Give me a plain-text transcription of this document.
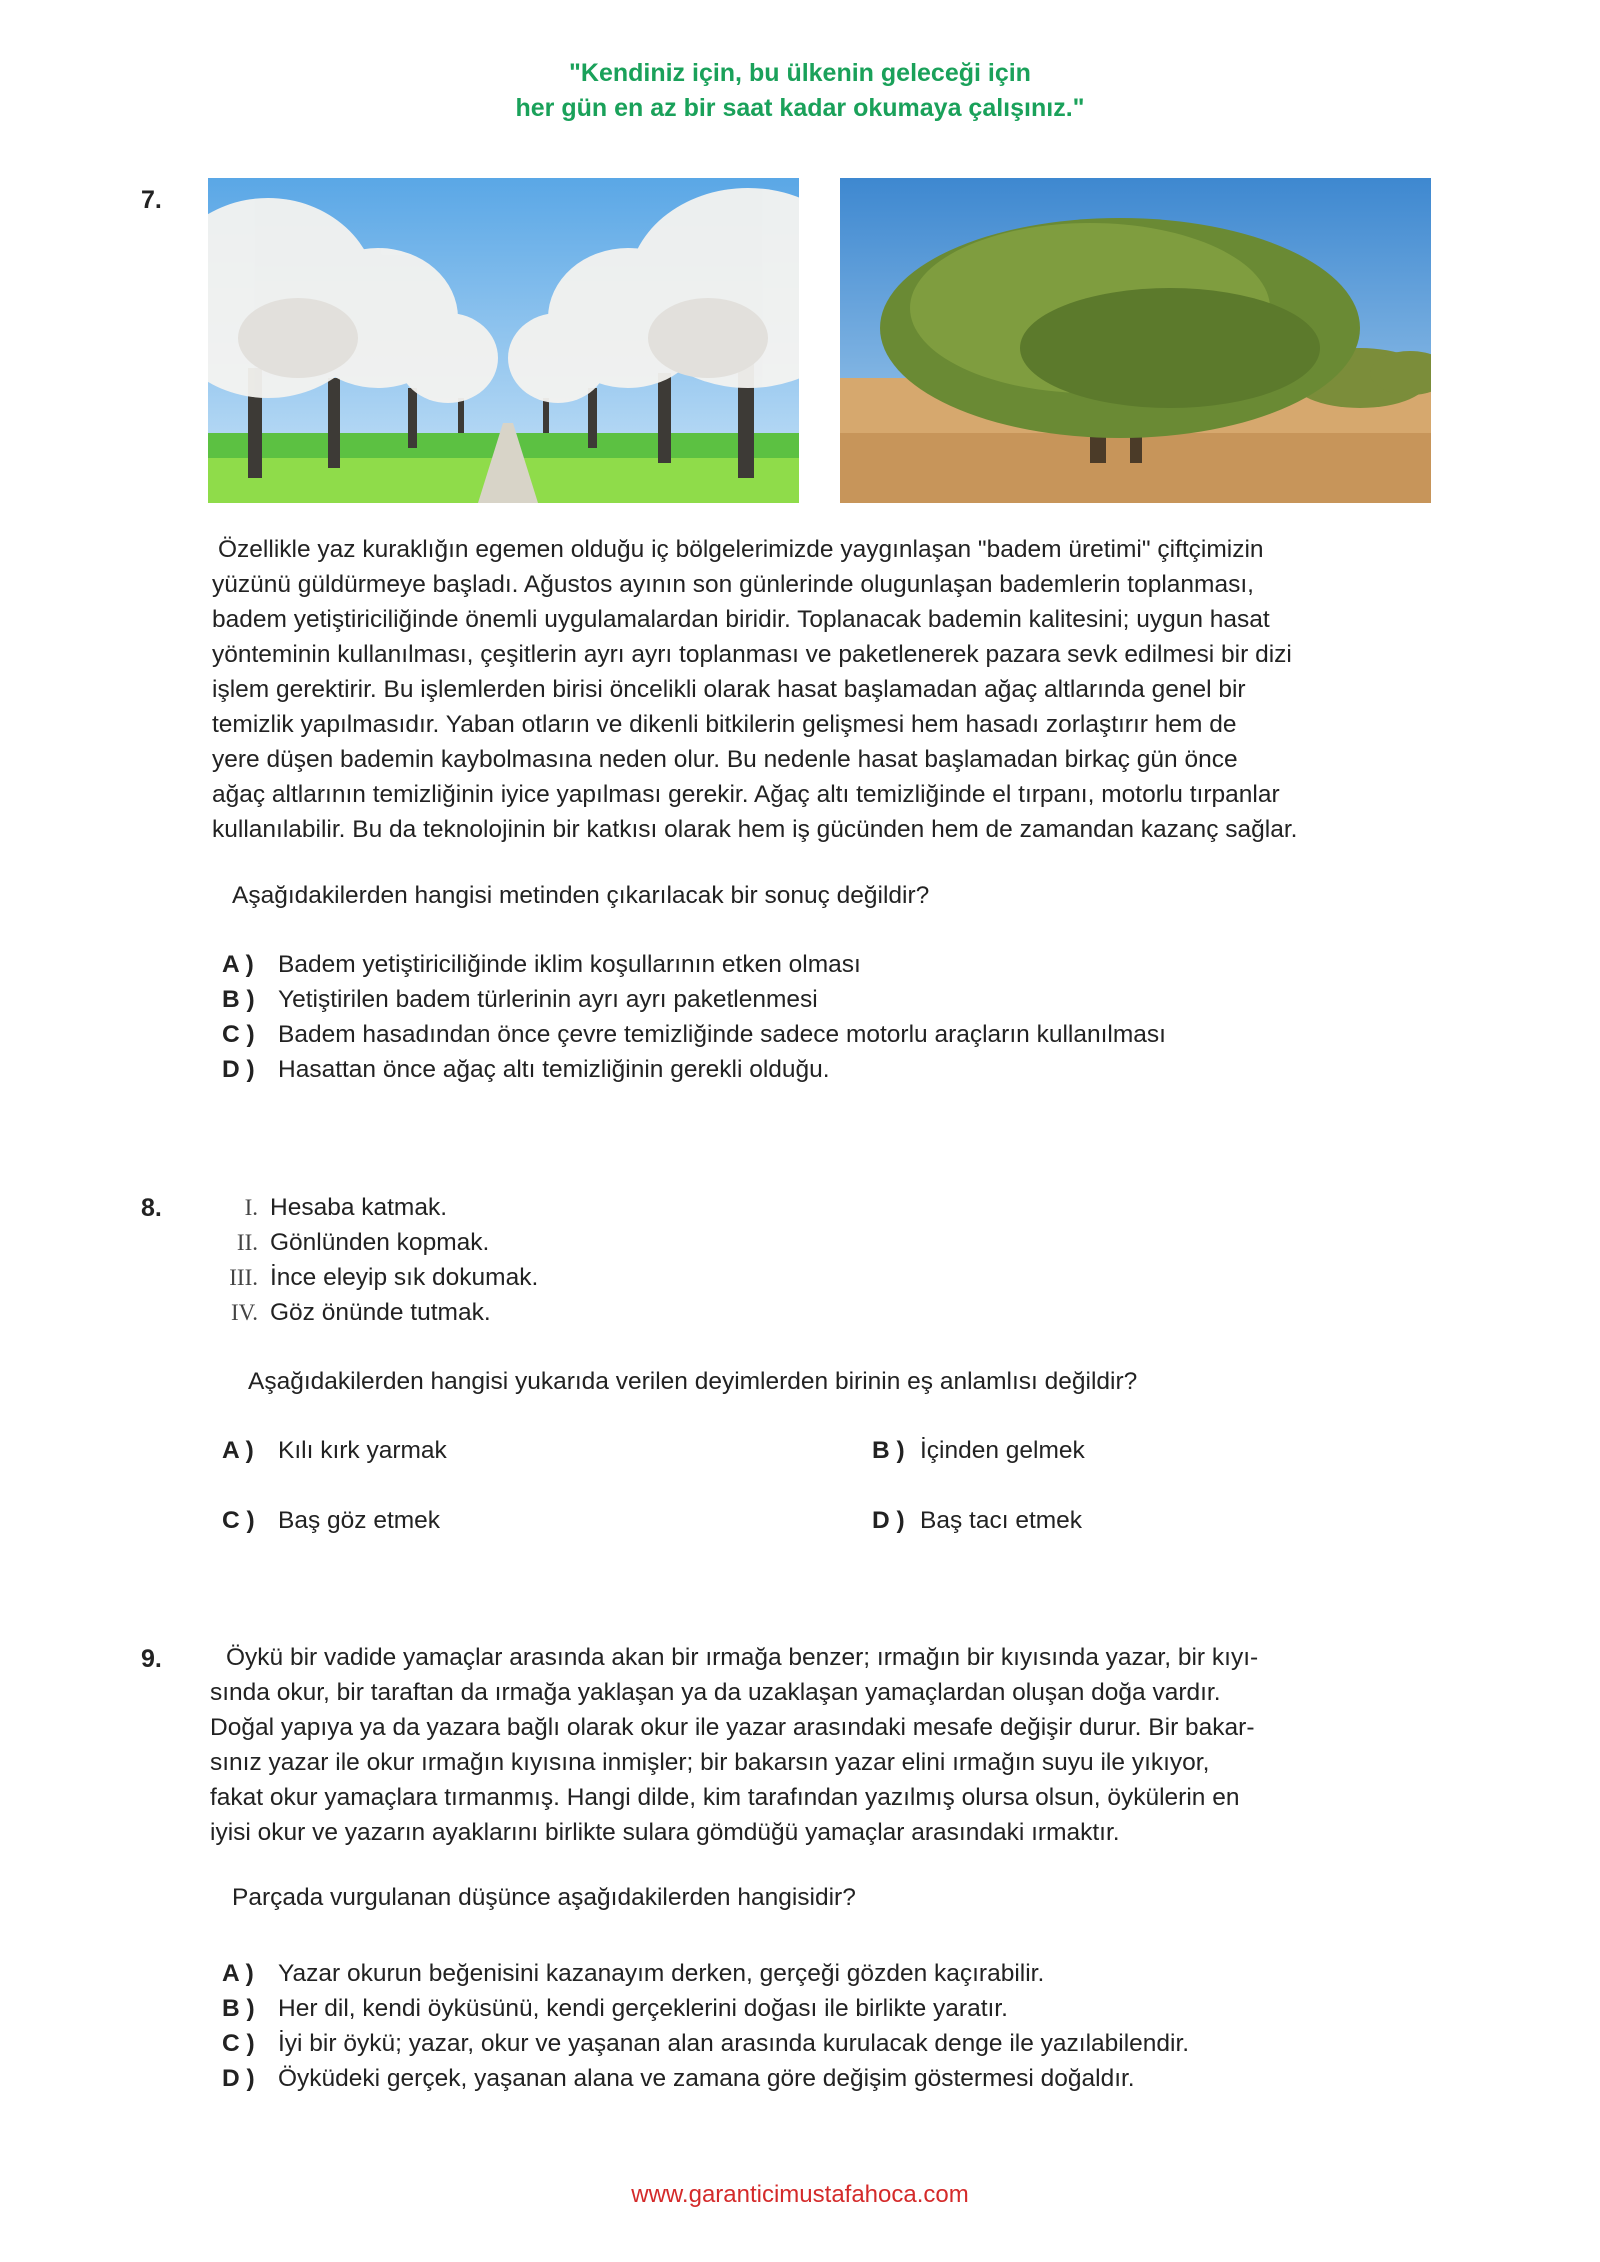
"Kendiniz için, bu ülkenin geleceği için
her gün en az bir saat kadar okumaya çalışınız."
7.
Özellikle yaz kuraklığın egemen olduğu iç bölgelerimizde yaygınlaşan "badem üretimi" çiftçimizin
yüzünü güldürmeye başladı. Ağustos ayının son günlerinde olugunlaşan bademlerin toplanması,
badem yetiştiriciliğinde önemli uygulamalardan biridir. Toplanacak bademin kalitesini; uygun hasat
yönteminin kullanılması, çeşitlerin ayrı ayrı toplanması ve paketlenerek pazara sevk edilmesi bir dizi
işlem gerektirir. Bu işlemlerden birisi öncelikli olarak hasat başlamadan ağaç altlarında genel bir
temizlik yapılmasıdır. Yaban otların ve dikenli bitkilerin gelişmesi hem hasadı zorlaştırır hem de
yere düşen bademin kaybolmasına neden olur. Bu nedenle hasat başlamadan birkaç gün önce
ağaç altlarının temizliğinin iyice yapılması gerekir. Ağaç altı temizliğinde el tırpanı, motorlu tırpanlar
kullanılabilir. Bu da teknolojinin bir katkısı olarak hem iş gücünden hem de zamandan kazanç sağlar.
Aşağıdakilerden hangisi metinden çıkarılacak bir sonuç değildir?
A ) Badem yetiştiriciliğinde iklim koşullarının etken olması
B ) Yetiştirilen badem türlerinin ayrı ayrı paketlenmesi
C ) Badem hasadından önce çevre temizliğinde sadece motorlu araçların kullanılması
D ) Hasattan önce ağaç altı temizliğinin gerekli olduğu.
8.	I. Hesaba katmak.
II. Gönlünden kopmak.
III. İnce eleyip sık dokumak.
IV. Göz önünde tutmak.
Aşağıdakilerden hangisi yukarıda verilen deyimlerden birinin eş anlamlısı değildir?
A ) Kılı kırk yarmak	B ) İçinden gelmek
C ) Baş göz etmek	D ) Baş tacı etmek
9.	Öykü bir vadide yamaçlar arasında akan bir ırmağa benzer; ırmağın bir kıyısında yazar, bir kıyı-
sında okur, bir taraftan da ırmağa yaklaşan ya da uzaklaşan yamaçlardan oluşan doğa vardır.
Doğal yapıya ya da yazara bağlı olarak okur ile yazar arasındaki mesafe değişir durur. Bir bakar-
sınız yazar ile okur ırmağın kıyısına inmişler; bir bakarsın yazar elini ırmağın suyu ile yıkıyor,
fakat okur yamaçlara tırmanmış. Hangi dilde, kim tarafından yazılmış olursa olsun, öykülerin en
iyisi okur ve yazarın ayaklarını birlikte sulara gömdüğü yamaçlar arasındaki ırmaktır.
Parçada vurgulanan düşünce aşağıdakilerden hangisidir?
A ) Yazar okurun beğenisini kazanayım derken, gerçeği gözden kaçırabilir.
B ) Her dil, kendi öyküsünü, kendi gerçeklerini doğası ile birlikte yaratır.
C ) İyi bir öykü; yazar, okur ve yaşanan alan arasında kurulacak denge ile yazılabilendir.
D ) Öyküdeki gerçek, yaşanan alana ve zamana göre değişim göstermesi doğaldır.
www.garanticimustafahoca.com
